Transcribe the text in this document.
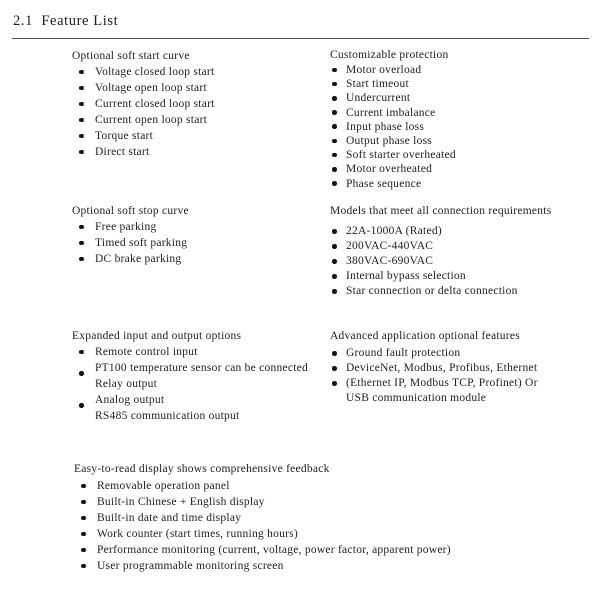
2.1  Feature List
Optional soft start curve
Voltage closed loop start
Voltage open loop start
Current closed loop start
Current open loop start
Torque start
Direct start
Customizable protection
Motor overload
Start timeout
Undercurrent
Current imbalance
Input phase loss
Output phase loss
Soft starter overheated
Motor overheated
Phase sequence
Optional soft stop curve
Free parking
Timed soft parking
DC brake parking
Models that meet all connection requirements
22A-1000A (Rated)
200VAC-440VAC
380VAC-690VAC
Internal bypass selection
Star connection or delta connection
Expanded input and output options
Remote control input
PT100 temperature sensor can be connected
Relay output
Analog output
RS485 communication output
Advanced application optional features
Ground fault protection
DeviceNet, Modbus, Profibus, Ethernet
(Ethernet IP, Modbus TCP, Profinet) Or
USB communication module
Easy-to-read display shows comprehensive feedback
Removable operation panel
Built-in Chinese + English display
Built-in date and time display
Work counter (start times, running hours)
Performance monitoring (current, voltage, power factor, apparent power)
User programmable monitoring screen
